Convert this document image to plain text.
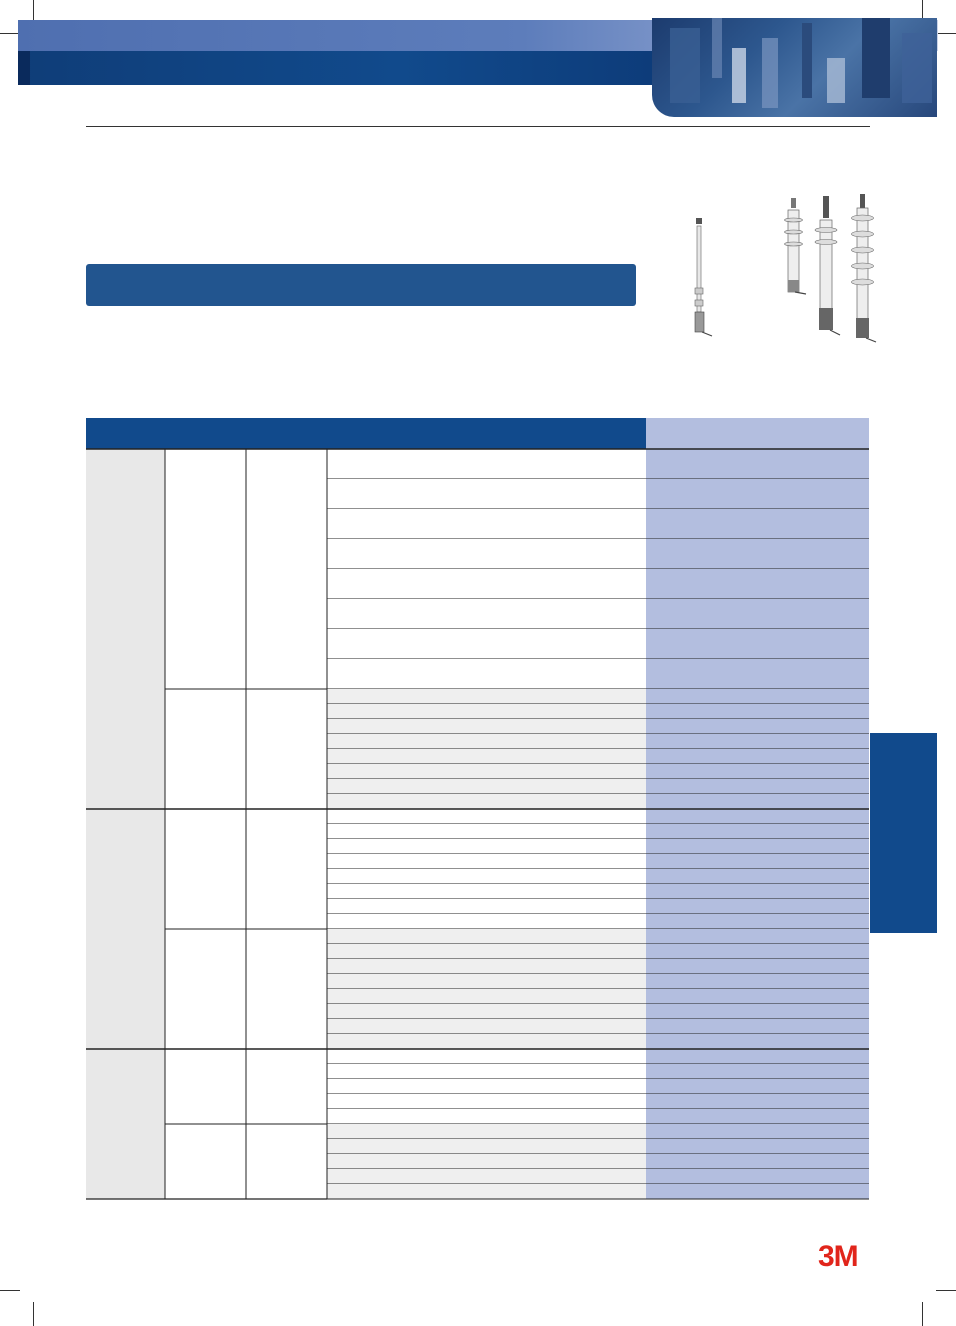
3M
